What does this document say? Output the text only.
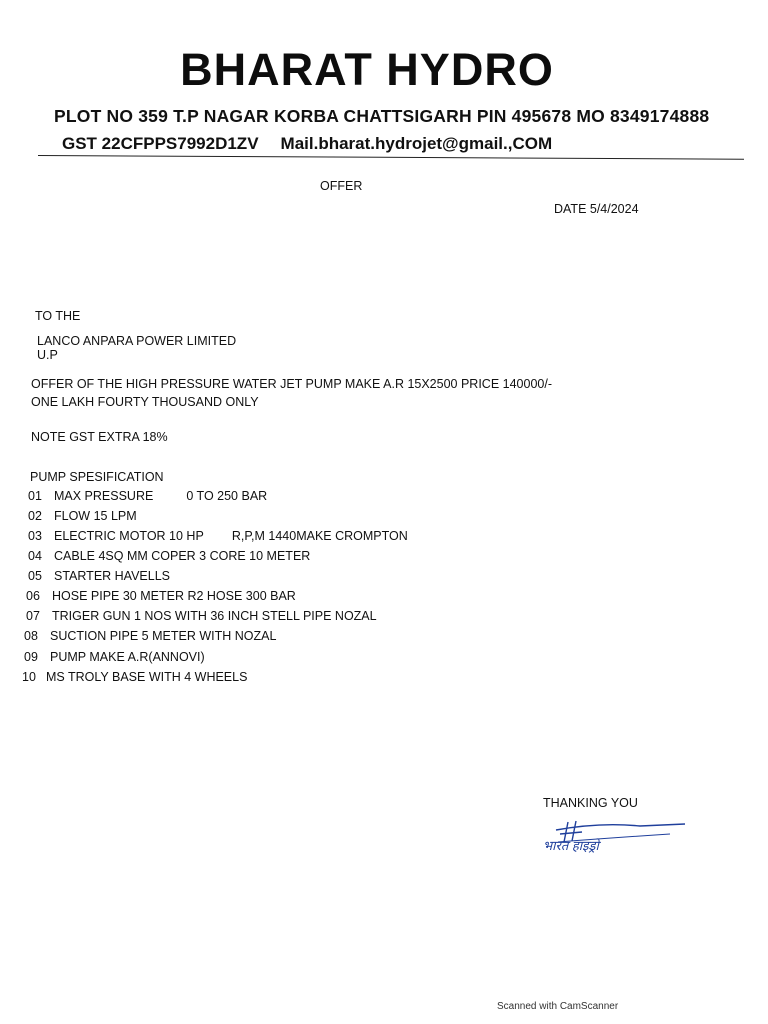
BHARAT HYDRO
PLOT NO 359 T.P NAGAR KORBA CHATTSIGARH PIN 495678 MO 8349174888
GST 22CFPPS7992D1ZV Mail.bharat.hydrojet@gmail.,COM
OFFER
DATE 5/4/2024
TO THE
LANCO ANPARA POWER LIMITED
U.P
OFFER OF THE HIGH PRESSURE WATER JET PUMP MAKE A.R 15X2500 PRICE 140000/-
ONE LAKH FOURTY THOUSAND ONLY
NOTE GST EXTRA 18%
PUMP SPESIFICATION
01 MAX PRESSURE	0 TO 250 BAR
02 FLOW 15 LPM
03 ELECTRIC MOTOR 10 HP R,P,M 1440MAKE CROMPTON
04 CABLE 4SQ MM COPER 3 CORE 10 METER
05 STARTER HAVELLS
06 HOSE PIPE 30 METER R2 HOSE 300 BAR
07 TRIGER GUN 1 NOS WITH 36 INCH STELL PIPE NOZAL
08 SUCTION PIPE 5 METER WITH NOZAL
09 PUMP MAKE A.R(ANNOVI)
10 MS TROLY BASE WITH 4 WHEELS
THANKING YOU
भारत हाइड्रो
Scanned with CamScanner
